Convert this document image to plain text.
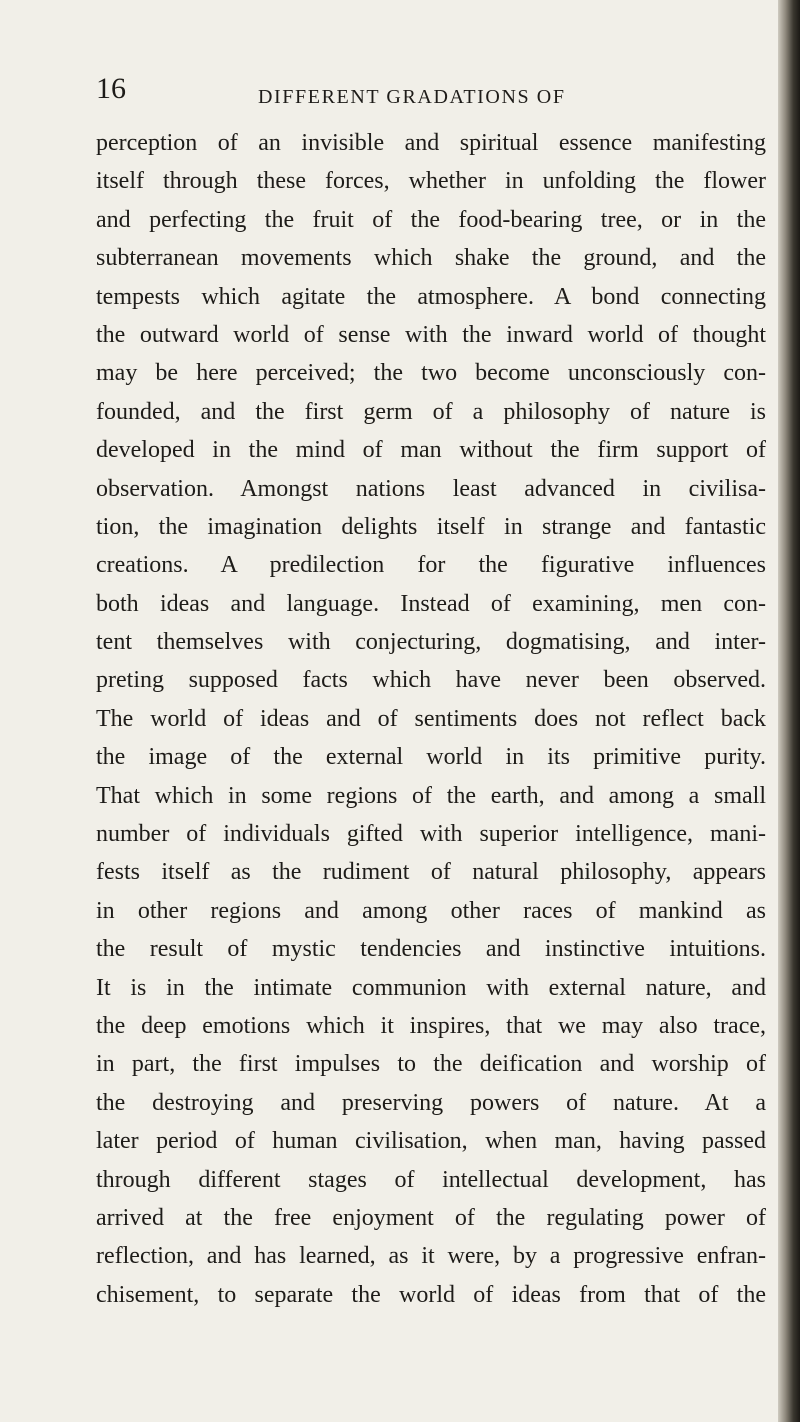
16	DIFFERENT GRADATIONS OF
perception of an invisible and spiritual essence manifesting
itself through these forces, whether in unfolding the flower
and perfecting the fruit of the food-bearing tree, or in the
subterranean movements which shake the ground, and the
tempests which agitate the atmosphere. A bond connecting
the outward world of sense with the inward world of thought
may be here perceived; the two become unconsciously con-
founded, and the first germ of a philosophy of nature is
developed in the mind of man without the firm support of
observation. Amongst nations least advanced in civilisa-
tion, the imagination delights itself in strange and fantastic
creations. A predilection for the figurative influences
both ideas and language. Instead of examining, men con-
tent themselves with conjecturing, dogmatising, and inter-
preting supposed facts which have never been observed.
The world of ideas and of sentiments does not reflect back
the image of the external world in its primitive purity.
That which in some regions of the earth, and among a small
number of individuals gifted with superior intelligence, mani-
fests itself as the rudiment of natural philosophy, appears
in other regions and among other races of mankind as
the result of mystic tendencies and instinctive intuitions.
It is in the intimate communion with external nature, and
the deep emotions which it inspires, that we may also trace,
in part, the first impulses to the deification and worship of
the destroying and preserving powers of nature. At a
later period of human civilisation, when man, having passed
through different stages of intellectual development, has
arrived at the free enjoyment of the regulating power of
reflection, and has learned, as it were, by a progressive enfran-
chisement, to separate the world of ideas from that of the
